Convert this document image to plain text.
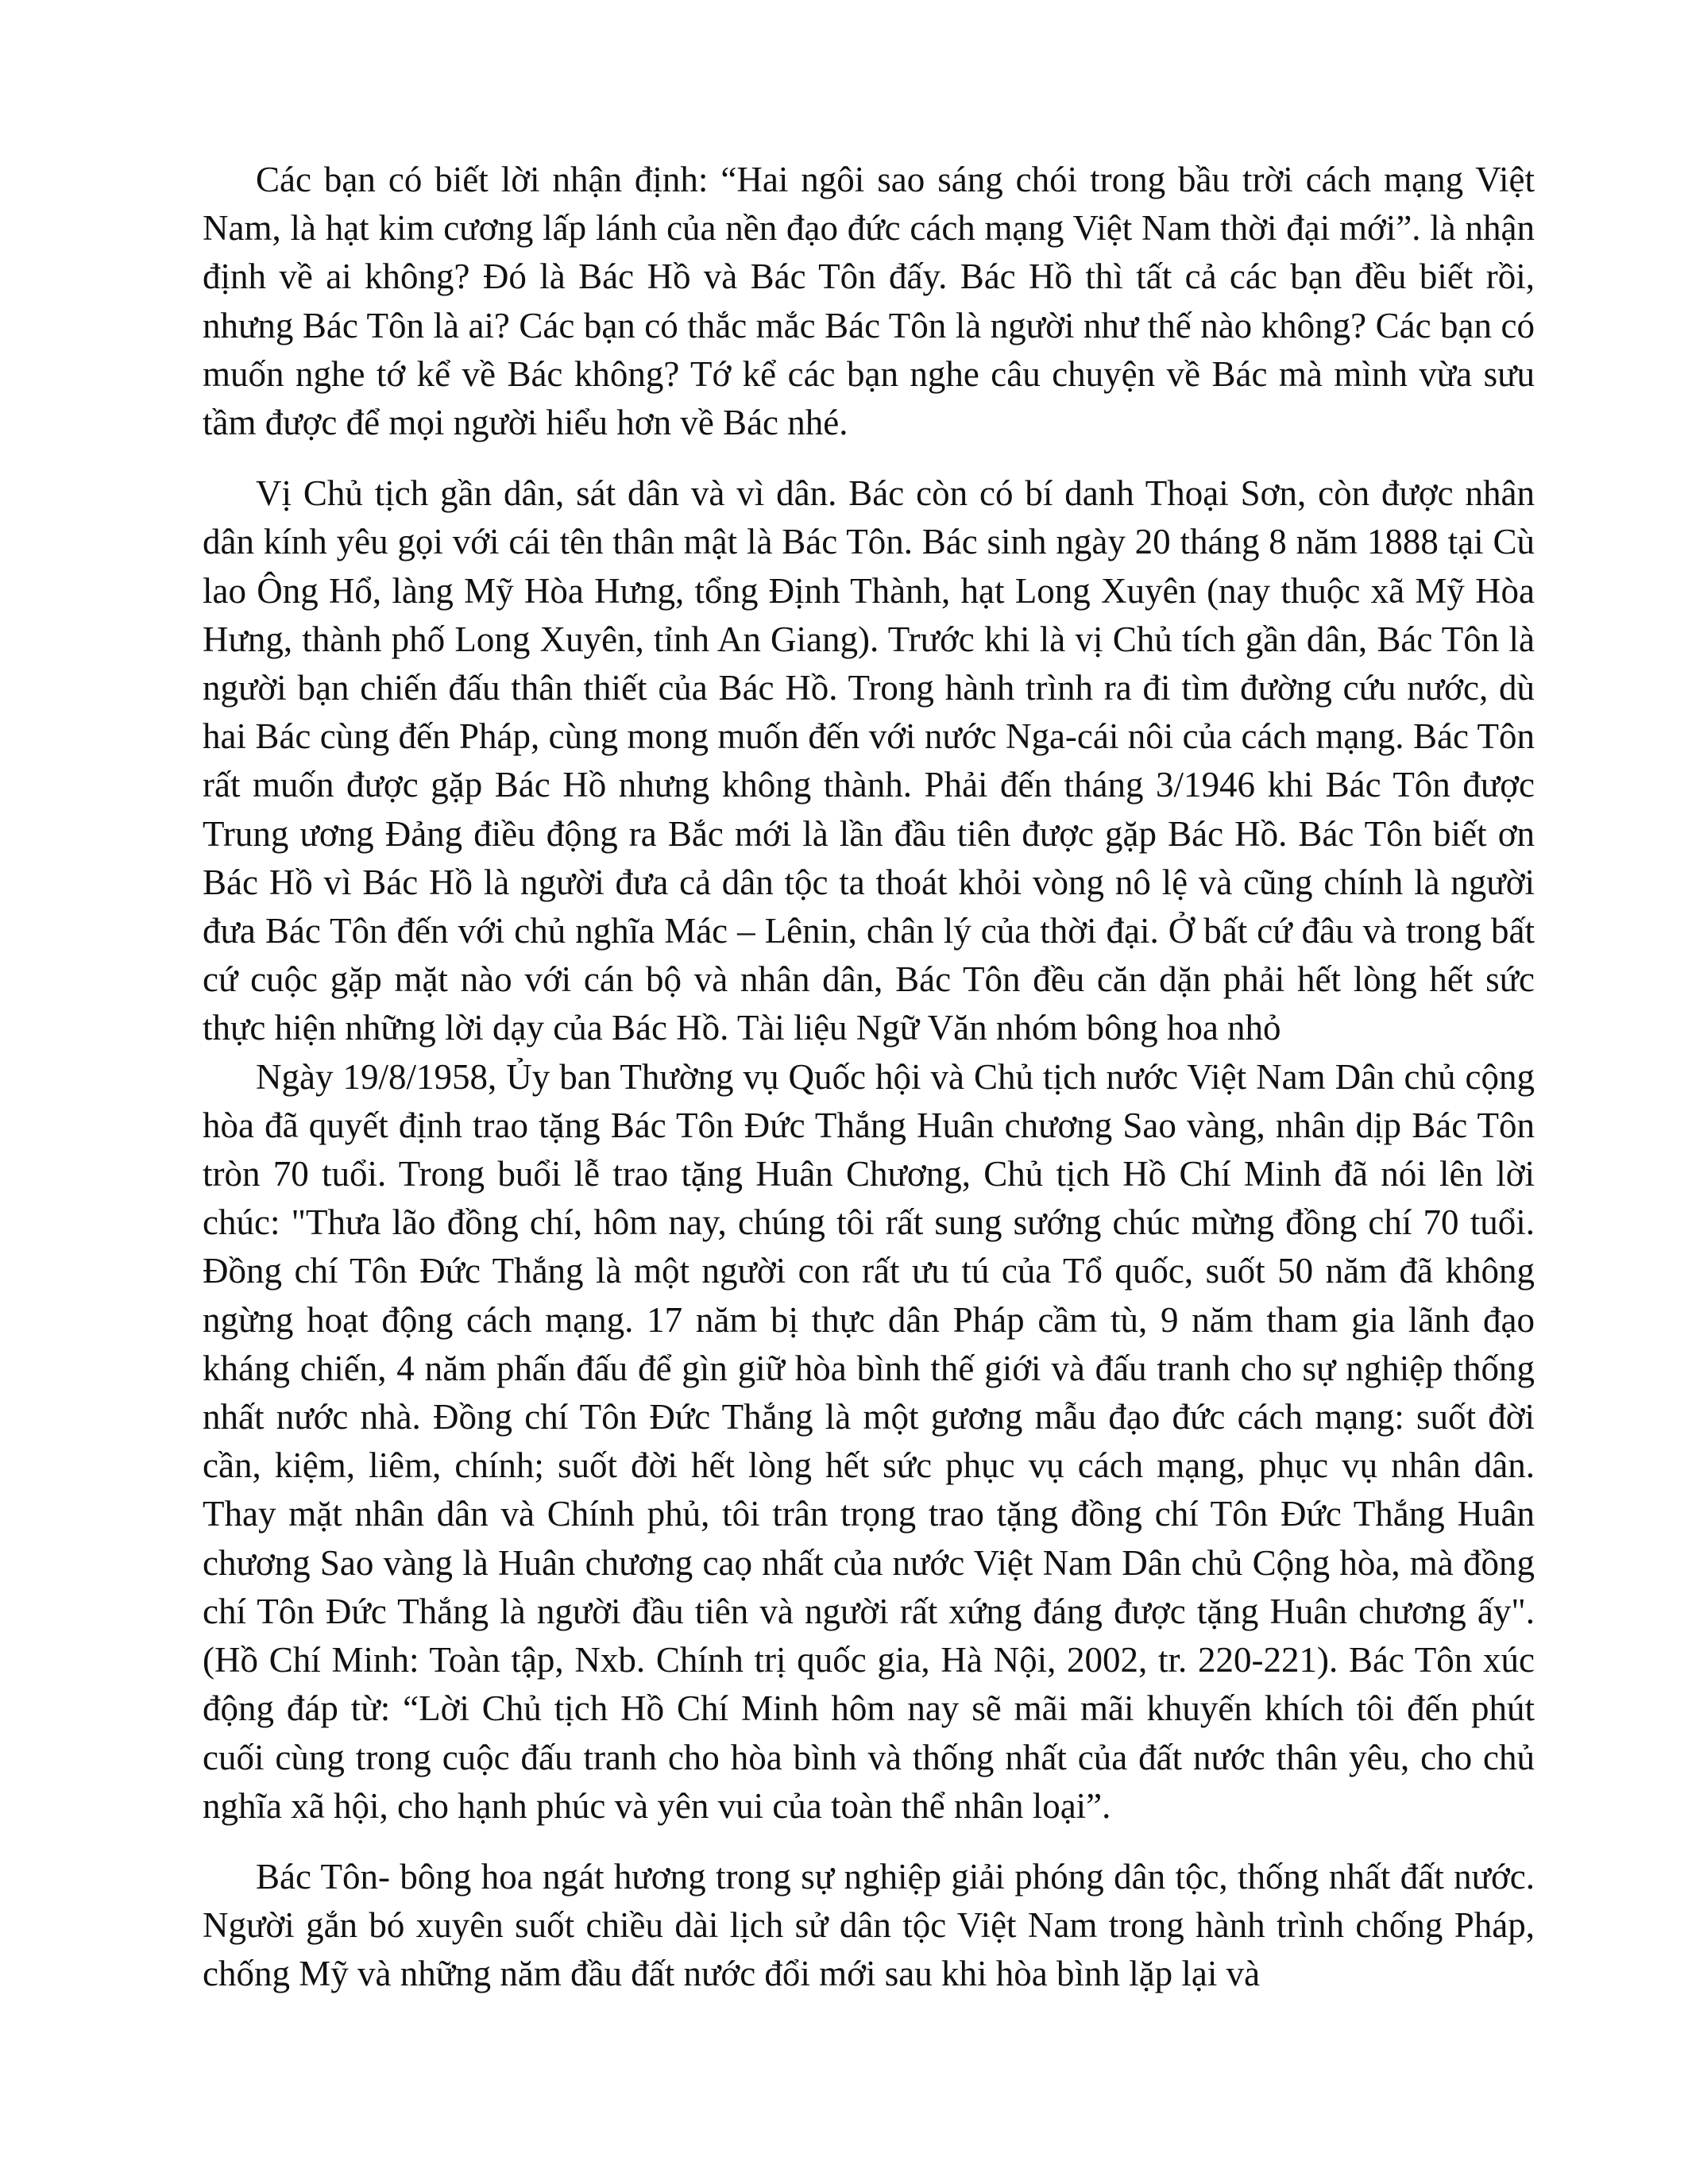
Các bạn có biết lời nhận định: “Hai ngôi sao sáng chói trong bầu trời cách mạng Việt Nam, là hạt kim cương lấp lánh của nền đạo đức cách mạng Việt Nam thời đại mới”. là nhận định về ai không? Đó là Bác Hồ và Bác Tôn đấy. Bác Hồ thì tất cả các bạn đều biết rồi, nhưng Bác Tôn là ai? Các bạn có thắc mắc Bác Tôn là người như thế nào không? Các bạn có muốn nghe tớ kể về Bác không? Tớ kể các bạn nghe câu chuyện về Bác mà mình vừa sưu tầm được để mọi người hiểu hơn về Bác nhé.

Vị Chủ tịch gần dân, sát dân và vì dân. Bác còn có bí danh Thoại Sơn, còn được nhân dân kính yêu gọi với cái tên thân mật là Bác Tôn. Bác sinh ngày 20 tháng 8 năm 1888 tại Cù lao Ông Hổ, làng Mỹ Hòa Hưng, tổng Định Thành, hạt Long Xuyên (nay thuộc xã Mỹ Hòa Hưng, thành phố Long Xuyên, tỉnh An Giang). Trước khi là vị Chủ tích gần dân, Bác Tôn là người bạn chiến đấu thân thiết của Bác Hồ. Trong hành trình ra đi tìm đường cứu nước, dù hai Bác cùng đến Pháp, cùng mong muốn đến với nước Nga-cái nôi của cách mạng. Bác Tôn rất muốn được gặp Bác Hồ nhưng không thành. Phải đến tháng 3/1946 khi Bác Tôn được Trung ương Đảng điều động ra Bắc mới là lần đầu tiên được gặp Bác Hồ. Bác Tôn biết ơn Bác Hồ vì Bác Hồ là người đưa cả dân tộc ta thoát khỏi vòng nô lệ và cũng chính là người đưa Bác Tôn đến với chủ nghĩa Mác – Lênin, chân lý của thời đại. Ở bất cứ đâu và trong bất cứ cuộc gặp mặt nào với cán bộ và nhân dân, Bác Tôn đều căn dặn phải hết lòng hết sức thực hiện những lời dạy của Bác Hồ. Tài liệu Ngữ Văn nhóm bông hoa nhỏ

Ngày 19/8/1958, Ủy ban Thường vụ Quốc hội và Chủ tịch nước Việt Nam Dân chủ cộng hòa đã quyết định trao tặng Bác Tôn Đức Thắng Huân chương Sao vàng, nhân dịp Bác Tôn tròn 70 tuổi. Trong buổi lễ trao tặng Huân Chương, Chủ tịch Hồ Chí Minh đã nói lên lời chúc: "Thưa lão đồng chí, hôm nay, chúng tôi rất sung sướng chúc mừng đồng chí 70 tuổi. Đồng chí Tôn Đức Thắng là một người con rất ưu tú của Tổ quốc, suốt 50 năm đã không ngừng hoạt động cách mạng. 17 năm bị thực dân Pháp cầm tù, 9 năm tham gia lãnh đạo kháng chiến, 4 năm phấn đấu để gìn giữ hòa bình thế giới và đấu tranh cho sự nghiệp thống nhất nước nhà. Đồng chí Tôn Đức Thắng là một gương mẫu đạo đức cách mạng: suốt đời cần, kiệm, liêm, chính; suốt đời hết lòng hết sức phục vụ cách mạng, phục vụ nhân dân. Thay mặt nhân dân và Chính phủ, tôi trân trọng trao tặng đồng chí Tôn Đức Thắng Huân chương Sao vàng là Huân chương caọ nhất của nước Việt Nam Dân chủ Cộng hòa, mà đồng chí Tôn Đức Thắng là người đầu tiên và người rất xứng đáng được tặng Huân chương ấy". (Hồ Chí Minh: Toàn tập, Nxb. Chính trị quốc gia, Hà Nội, 2002, tr. 220-221). Bác Tôn xúc động đáp từ: “Lời Chủ tịch Hồ Chí Minh hôm nay sẽ mãi mãi khuyến khích tôi đến phút cuối cùng trong cuộc đấu tranh cho hòa bình và thống nhất của đất nước thân yêu, cho chủ nghĩa xã hội, cho hạnh phúc và yên vui của toàn thể nhân loại”.

Bác Tôn- bông hoa ngát hương trong sự nghiệp giải phóng dân tộc, thống nhất đất nước. Người gắn bó xuyên suốt chiều dài lịch sử dân tộc Việt Nam trong hành trình chống Pháp, chống Mỹ và những năm đầu đất nước đổi mới sau khi hòa bình lặp lại và
